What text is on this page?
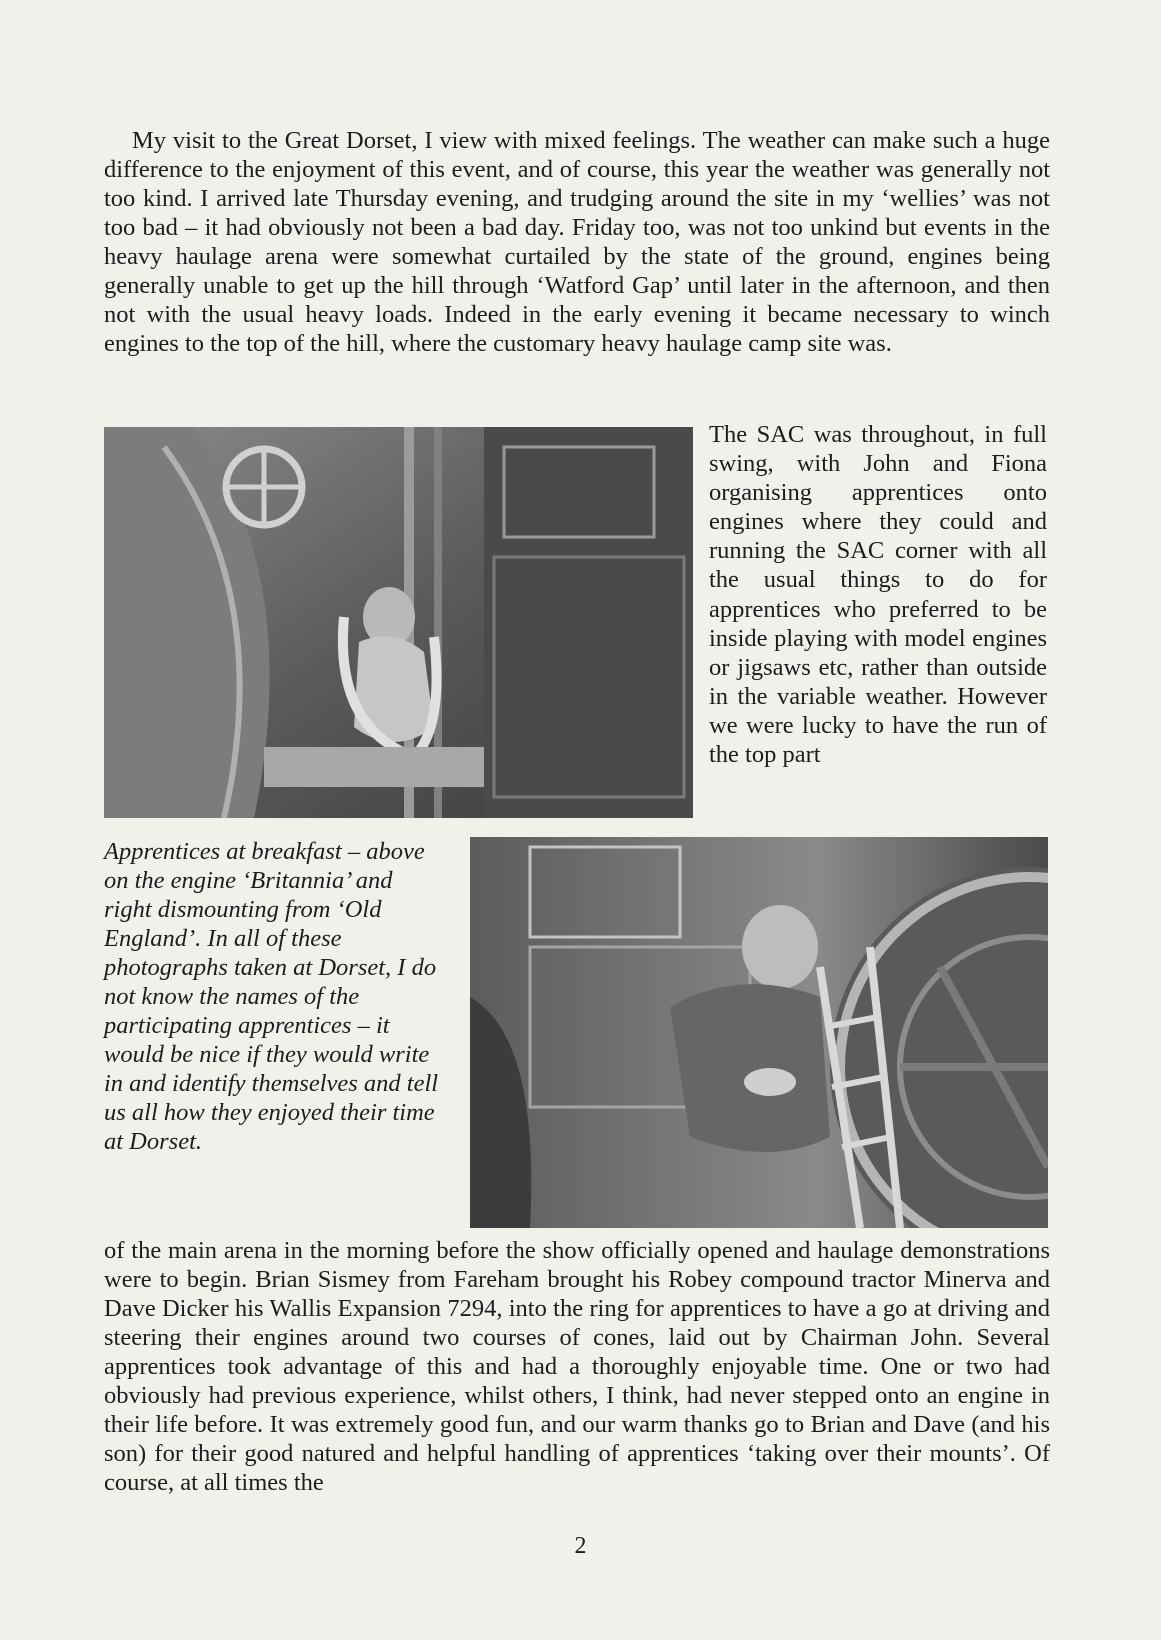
My visit to the Great Dorset, I view with mixed feelings. The weather can make such a huge difference to the enjoyment of this event, and of course, this year the weather was generally not too kind. I arrived late Thursday evening, and trudging around the site in my ‘wellies’ was not too bad – it had obviously not been a bad day. Friday too, was not too unkind but events in the heavy haulage arena were somewhat curtailed by the state of the ground, engines being generally unable to get up the hill through ‘Watford Gap’ until later in the afternoon, and then not with the usual heavy loads. Indeed in the early evening it became necessary to winch engines to the top of the hill, where the customary heavy haulage camp site was.

The SAC was throughout, in full swing, with John and Fiona organising apprentices onto engines where they could and running the SAC corner with all the usual things to do for apprentices who preferred to be inside playing with model engines or jigsaws etc, rather than outside in the variable weather. However we were lucky to have the run of the top part

Apprentices at breakfast – above on the engine ‘Britannia’ and right dismounting from ‘Old England’. In all of these photographs taken at Dorset, I do not know the names of the participating apprentices – it would be nice if they would write in and identify themselves and tell us all how they enjoyed their time at Dorset.

of the main arena in the morning before the show officially opened and haulage demonstrations were to begin. Brian Sismey from Fareham brought his Robey compound tractor Minerva and Dave Dicker his Wallis Expansion 7294, into the ring for apprentices to have a go at driving and steering their engines around two courses of cones, laid out by Chairman John. Several apprentices took advantage of this and had a thoroughly enjoyable time. One or two had obviously had previous experience, whilst others, I think, had never stepped onto an engine in their life before. It was extremely good fun, and our warm thanks go to Brian and Dave (and his son) for their good natured and helpful handling of apprentices ‘taking over their mounts’. Of course, at all times the

2
